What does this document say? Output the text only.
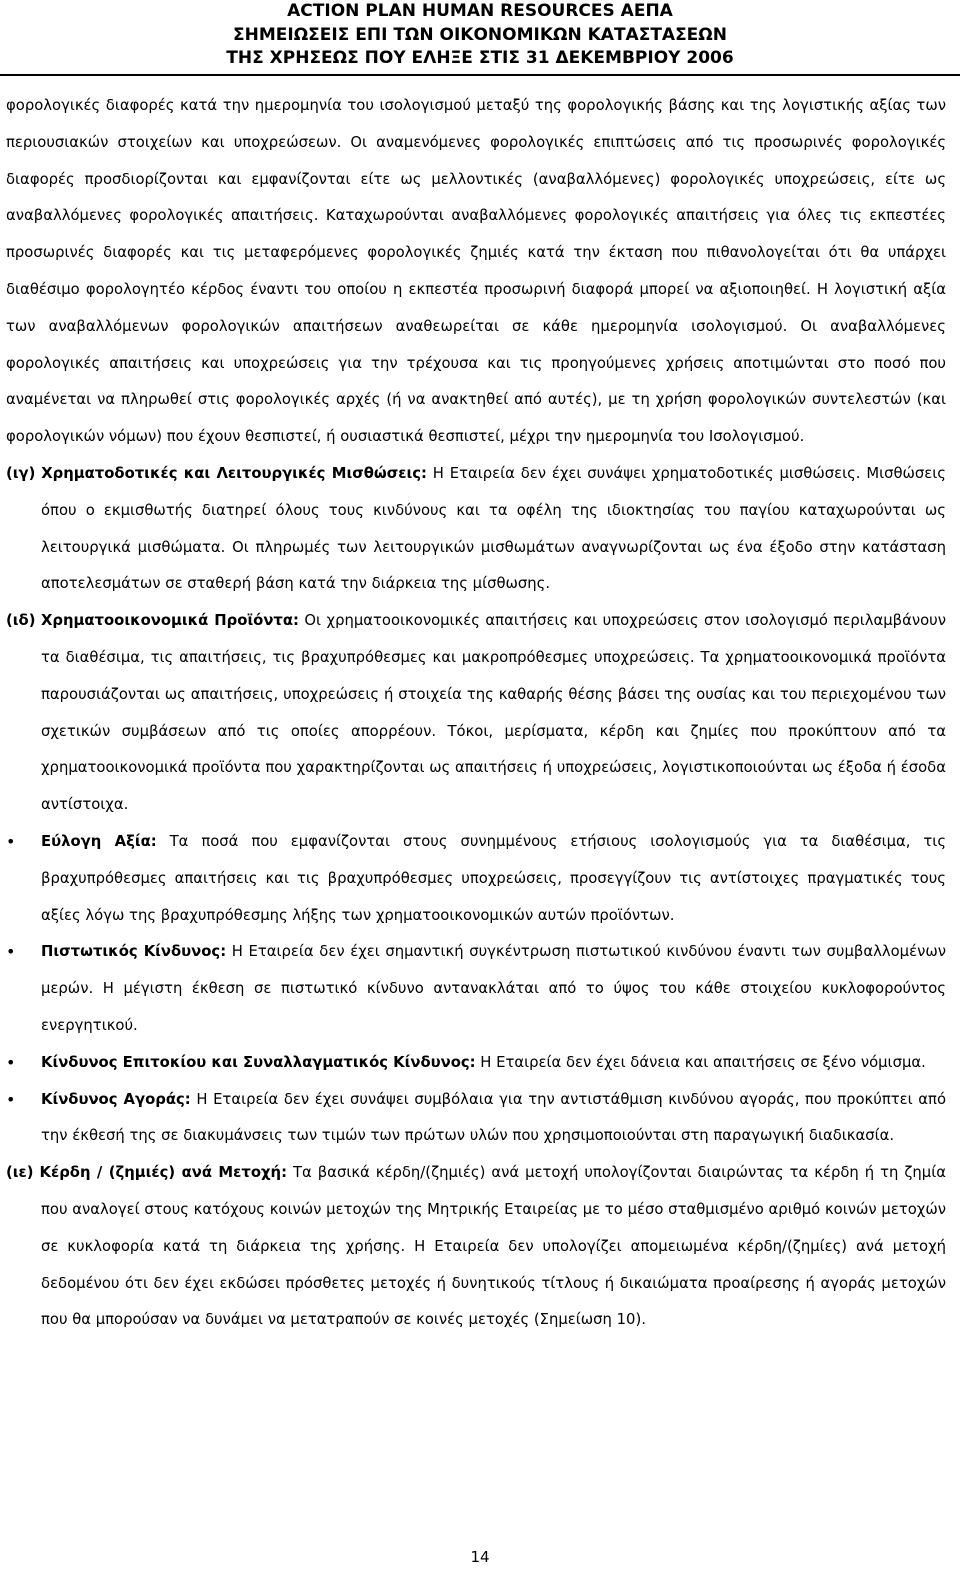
ACTION PLAN HUMAN RESOURCES ΑΕΠΑ
ΣΗΜΕΙΩΣΕΙΣ ΕΠΙ ΤΩΝ ΟΙΚΟΝΟΜΙΚΩΝ ΚΑΤΑΣΤΑΣΕΩΝ
ΤΗΣ ΧΡΗΣΕΩΣ ΠΟΥ ΕΛΗΞΕ ΣΤΙΣ 31 ΔΕΚΕΜΒΡΙΟΥ 2006

φορολογικές διαφορές κατά την ημερομηνία του ισολογισμού μεταξύ της φορολογικής βάσης και της λογιστικής αξίας των περιουσιακών στοιχείων και υποχρεώσεων. Οι αναμενόμενες φορολογικές επιπτώσεις από τις προσωρινές φορολογικές διαφορές προσδιορίζονται και εμφανίζονται είτε ως μελλοντικές (αναβαλλόμενες) φορολογικές υποχρεώσεις, είτε ως αναβαλλόμενες φορολογικές απαιτήσεις. Καταχωρούνται αναβαλλόμενες φορολογικές απαιτήσεις για όλες τις εκπεστέες προσωρινές διαφορές και τις μεταφερόμενες φορολογικές ζημιές κατά την έκταση που πιθανολογείται ότι θα υπάρχει διαθέσιμο φορολογητέο κέρδος έναντι του οποίου η εκπεστέα προσωρινή διαφορά μπορεί να αξιοποιηθεί. Η λογιστική αξία των αναβαλλόμενων φορολογικών απαιτήσεων αναθεωρείται σε κάθε ημερομηνία ισολογισμού. Οι αναβαλλόμενες φορολογικές απαιτήσεις και υποχρεώσεις για την τρέχουσα και τις προηγούμενες χρήσεις αποτιμώνται στο ποσό που αναμένεται να πληρωθεί στις φορολογικές αρχές (ή να ανακτηθεί από αυτές), με τη χρήση φορολογικών συντελεστών (και φορολογικών νόμων) που έχουν θεσπιστεί, ή ουσιαστικά θεσπιστεί, μέχρι την ημερομηνία του Ισολογισμού.

(ιγ) Χρηματοδοτικές και Λειτουργικές Μισθώσεις: Η Εταιρεία δεν έχει συνάψει χρηματοδοτικές μισθώσεις. Μισθώσεις όπου ο εκμισθωτής διατηρεί όλους τους κινδύνους και τα οφέλη της ιδιοκτησίας του παγίου καταχωρούνται ως λειτουργικά μισθώματα. Οι πληρωμές των λειτουργικών μισθωμάτων αναγνωρίζονται ως ένα έξοδο στην κατάσταση αποτελεσμάτων σε σταθερή βάση κατά την διάρκεια της μίσθωσης.

(ιδ) Χρηματοοικονομικά Προϊόντα: Οι χρηματοοικονομικές απαιτήσεις και υποχρεώσεις στον ισολογισμό περιλαμβάνουν τα διαθέσιμα, τις απαιτήσεις, τις βραχυπρόθεσμες και μακροπρόθεσμες υποχρεώσεις. Τα χρηματοοικονομικά προϊόντα παρουσιάζονται ως απαιτήσεις, υποχρεώσεις ή στοιχεία της καθαρής θέσης βάσει της ουσίας και του περιεχομένου των σχετικών συμβάσεων από τις οποίες απορρέουν. Τόκοι, μερίσματα, κέρδη και ζημίες που προκύπτουν από τα χρηματοοικονομικά προϊόντα που χαρακτηρίζονται ως απαιτήσεις ή υποχρεώσεις, λογιστικοποιούνται ως έξοδα ή έσοδα αντίστοιχα.

• Εύλογη Αξία: Τα ποσά που εμφανίζονται στους συνημμένους ετήσιους ισολογισμούς για τα διαθέσιμα, τις βραχυπρόθεσμες απαιτήσεις και τις βραχυπρόθεσμες υποχρεώσεις, προσεγγίζουν τις αντίστοιχες πραγματικές τους αξίες λόγω της βραχυπρόθεσμης λήξης των χρηματοοικονομικών αυτών προϊόντων.
• Πιστωτικός Κίνδυνος: Η Εταιρεία δεν έχει σημαντική συγκέντρωση πιστωτικού κινδύνου έναντι των συμβαλλομένων μερών. Η μέγιστη έκθεση σε πιστωτικό κίνδυνο αντανακλάται από το ύψος του κάθε στοιχείου κυκλοφορούντος ενεργητικού.
• Κίνδυνος Επιτοκίου και Συναλλαγματικός Κίνδυνος: Η Εταιρεία δεν έχει δάνεια και απαιτήσεις σε ξένο νόμισμα.
• Κίνδυνος Αγοράς: Η Εταιρεία δεν έχει συνάψει συμβόλαια για την αντιστάθμιση κινδύνου αγοράς, που προκύπτει από την έκθεσή της σε διακυμάνσεις των τιμών των πρώτων υλών που χρησιμοποιούνται στη παραγωγική διαδικασία.

(ιε) Κέρδη / (ζημιές) ανά Μετοχή: Τα βασικά κέρδη/(ζημιές) ανά μετοχή υπολογίζονται διαιρώντας τα κέρδη ή τη ζημία που αναλογεί στους κατόχους κοινών μετοχών της Μητρικής Εταιρείας με το μέσο σταθμισμένο αριθμό κοινών μετοχών σε κυκλοφορία κατά τη διάρκεια της χρήσης. Η Εταιρεία δεν υπολογίζει απομειωμένα κέρδη/(ζημίες) ανά μετοχή δεδομένου ότι δεν έχει εκδώσει πρόσθετες μετοχές ή δυνητικούς τίτλους ή δικαιώματα προαίρεσης ή αγοράς μετοχών που θα μπορούσαν να δυνάμει να μετατραπούν σε κοινές μετοχές (Σημείωση 10).

14
